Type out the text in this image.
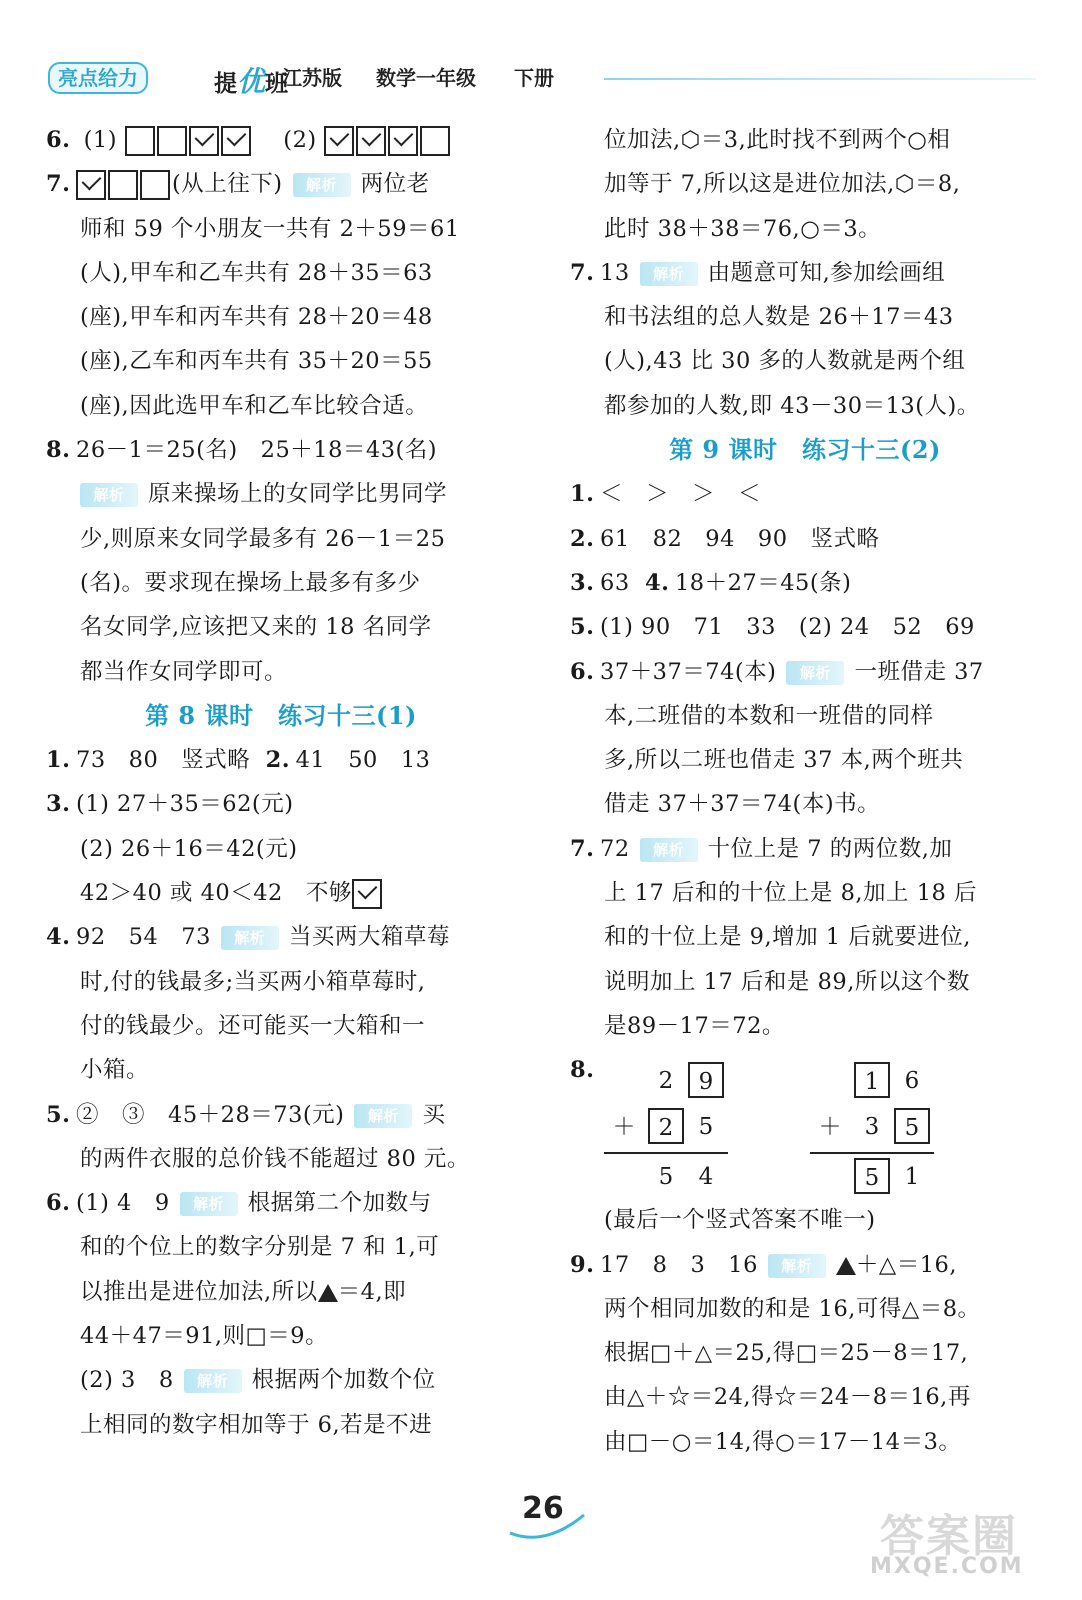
亮点给力	提优班
江苏版 数学一年级 下册
6. (1)	(2)
7.	(从上往下) 解析 两位老
师和 59 个小朋友一共有 2＋59＝61
(人),甲车和乙车共有 28＋35＝63
(座),甲车和丙车共有 28＋20＝48
(座),乙车和丙车共有 35＋20＝55
(座),因此选甲车和乙车比较合适。
8. 26－1＝25(名)　25＋18＝43(名)
解析 原来操场上的女同学比男同学
少,则原来女同学最多有 26－1＝25
(名)。要求现在操场上最多有多少
名女同学,应该把又来的 18 名同学
都当作女同学即可。
第 8 课时　练习十三(1)
1. 73　80　竖式略 2. 41　50　13
3. (1) 27＋35＝62(元)
(2) 26＋16＝42(元)
42＞40 或 40＜42　不够
4. 92　54　73 解析 当买两大箱草莓
时,付的钱最多;当买两小箱草莓时,
付的钱最少。还可能买一大箱和一
小箱。
5. ②　③　45＋28＝73(元) 解析 买
的两件衣服的总价钱不能超过 80 元。
6. (1) 4　9 解析 根据第二个加数与
和的个位上的数字分别是 7 和 1,可
以推出是进位加法,所以 ＝4,即
44＋47＝91,则□＝9。
(2) 3　8 解析 根据两个加数个位
上相同的数字相加等于 6,若是不进
位加法,⬡＝3,此时找不到两个○相
加等于 7,所以这是进位加法,⬡＝8,
此时 38＋38＝76,○＝3。
7. 13 解析 由题意可知,参加绘画组
和书法组的总人数是 26＋17＝43
(人),43 比 30 多的人数就是两个组
都参加的人数,即 43－30＝13(人)。
第 9 课时　练习十三(2)
1. ＜　＞　＞　＜
2. 61　82　94　90　竖式略
3. 63 4. 18＋27＝45(条)
5. (1) 90　71　33　(2) 24　52　69
6. 37＋37＝74(本) 解析 一班借走 37
本,二班借的本数和一班借的同样
多,所以二班也借走 37 本,两个班共
借走 37＋37＝74(本)书。
7. 72 解析 十位上是 7 的两位数,加
上 17 后和的十位上是 8,加上 18 后
和的十位上是 9,增加 1 后就要进位,
说明加上 17 后和是 89,所以这个数
是89－17＝72。
8.
(最后一个竖式答案不唯一)
9. 17　8　3　16 解析 ＋△＝16,
两个相同加数的和是 16,可得△＝8。
根据□＋△＝25,得□＝25－8＝17,
由△＋☆＝24,得☆＝24－8＝16,再
由□－○＝14,得○＝17－14＝3。
2	9
＋	2	5
5	4
1	6
＋	3	5
5	1
26
答案圈
MXQE.COM
